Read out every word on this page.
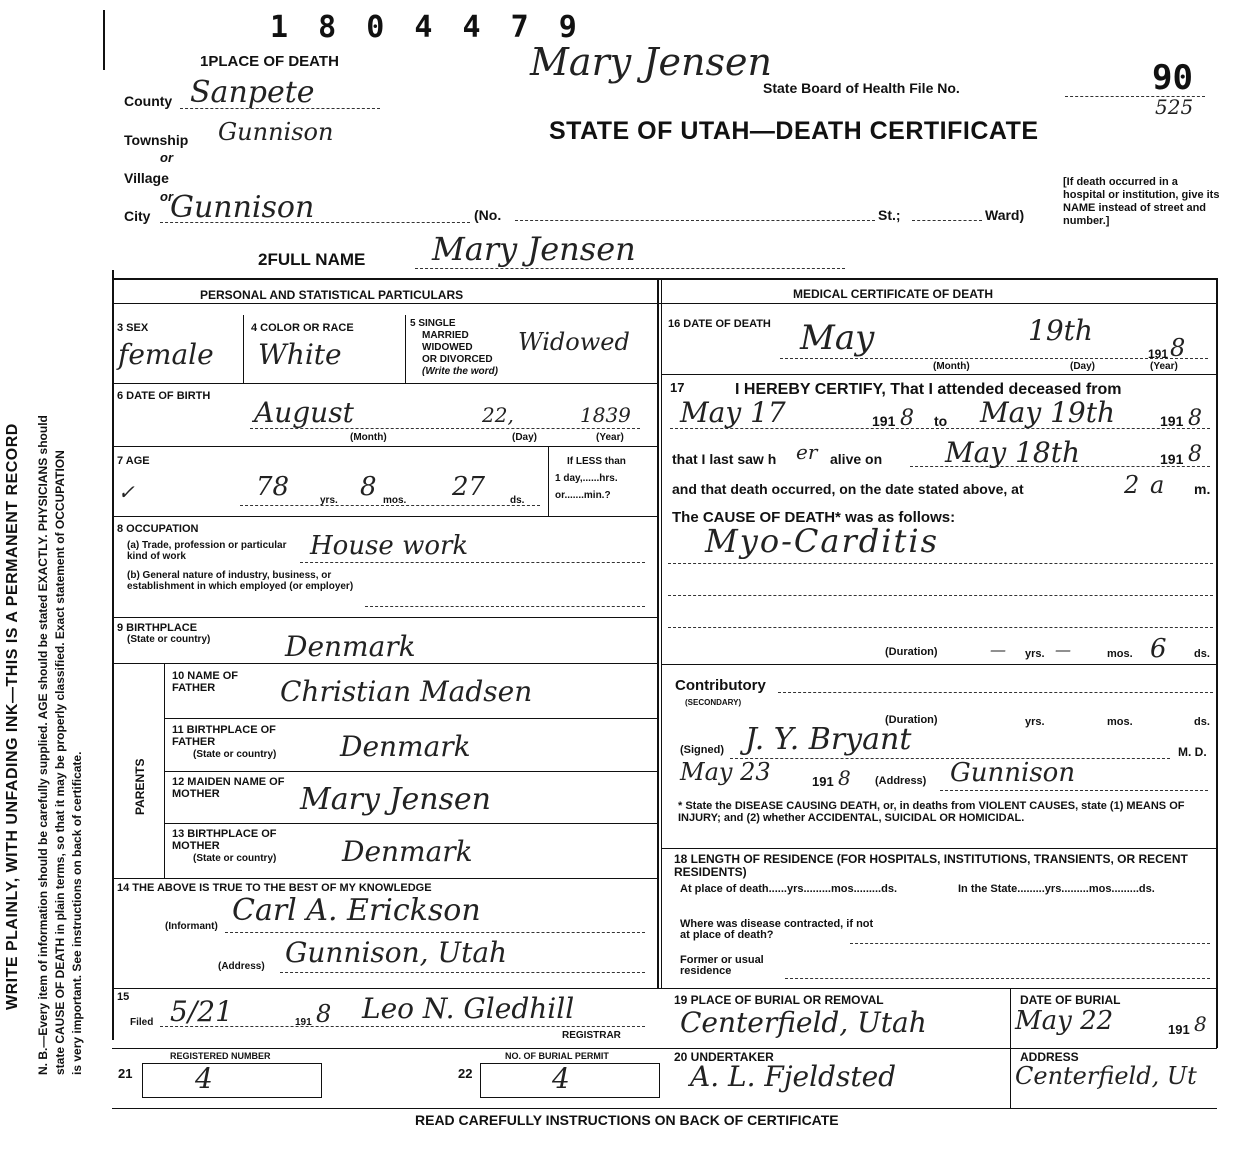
WRITE PLAINLY, WITH UNFADING INK—THIS IS A PERMANENT RECORD N. B.—Every item of information should be carefully supplied. AGE should be stated EXACTLY. PHYSICIANS should state CAUSE OF DEATH in plain terms, so that it may be properly classified. Exact statement of OCCUPATION is very important. See instructions on back of certificate.
1 8 0 4 4 7 9
Mary Jensen
1PLACE OF DEATH
County Sanpete
Township Gunnison
or
Village
or
City Gunnison	(No.	St.;	Ward)
[If death occurred in a hospital or institution, give its NAME instead of street and number.]
State Board of Health File No.	90
525
STATE OF UTAH—DEATH CERTIFICATE
2FULL NAME Mary Jensen
PERSONAL AND STATISTICAL PARTICULARS	MEDICAL CERTIFICATE OF DEATH
3 SEX
female
4 COLOR OR RACE
White
5 SINGLE
MARRIED
WIDOWED
OR DIVORCED
(Write the word)
Widowed
6 DATE OF BIRTH August	22,	1839
(Month)	(Day)	(Year)
7 AGE
✓	78	yrs. 8 mos. 27 ds.
If LESS than
1 day,......hrs.
or.......min.?
8 OCCUPATION
(a) Trade, profession or particular kind of work	House work
(b) General nature of industry, business, or establishment in which employed (or employer)
9 BIRTHPLACE
(State or country)	Denmark
PARENTS
10 NAME OF FATHER	Christian Madsen
11 BIRTHPLACE OF FATHER
(State or country) Denmark
12 MAIDEN NAME OF MOTHER	Mary Jensen
13 BIRTHPLACE OF MOTHER
(State or country) Denmark
14 THE ABOVE IS TRUE TO THE BEST OF MY KNOWLEDGE
(Informant) Carl A. Erickson
(Address) Gunnison, Utah
15
Filed 5/21	191 8 Leo N. Gledhill
REGISTRAR
REGISTERED NUMBER
21 4
NO. OF BURIAL PERMIT
22	4
16 DATE OF DEATH May	19th
191 8
(Month)	(Day)	(Year)
17	I HEREBY CERTIFY, That I attended deceased from
May 17	191 8 to May 19th	191 8
that I last saw h er alive on May 18th	191 8
and that death occurred, on the date stated above, at	2 a m.
The CAUSE OF DEATH* was as follows:
Myo-Carditis
(Duration)	— yrs. —	mos. 6 ds.
Contributory
(SECONDARY)
(Duration)	yrs.	mos.	ds.
(Signed) J. Y. Bryant	M. D.
May 23	191 8 (Address) Gunnison
* State the DISEASE CAUSING DEATH, or, in deaths from VIOLENT CAUSES, state (1) MEANS OF INJURY; and (2) whether ACCIDENTAL, SUICIDAL OR HOMICIDAL.
18 LENGTH OF RESIDENCE (FOR HOSPITALS, INSTITUTIONS, TRANSIENTS, OR RECENT RESIDENTS)
At place of death......yrs.........mos.........ds.	In the State.........yrs.........mos.........ds.
Where was disease contracted, if not at place of death?
Former or usual residence
19 PLACE OF BURIAL OR REMOVAL
Centerfield, Utah
DATE OF BURIAL
May 22	191 8
20 UNDERTAKER
A. L. Fjeldsted
ADDRESS
Centerfield, Ut
READ CAREFULLY INSTRUCTIONS ON BACK OF CERTIFICATE
